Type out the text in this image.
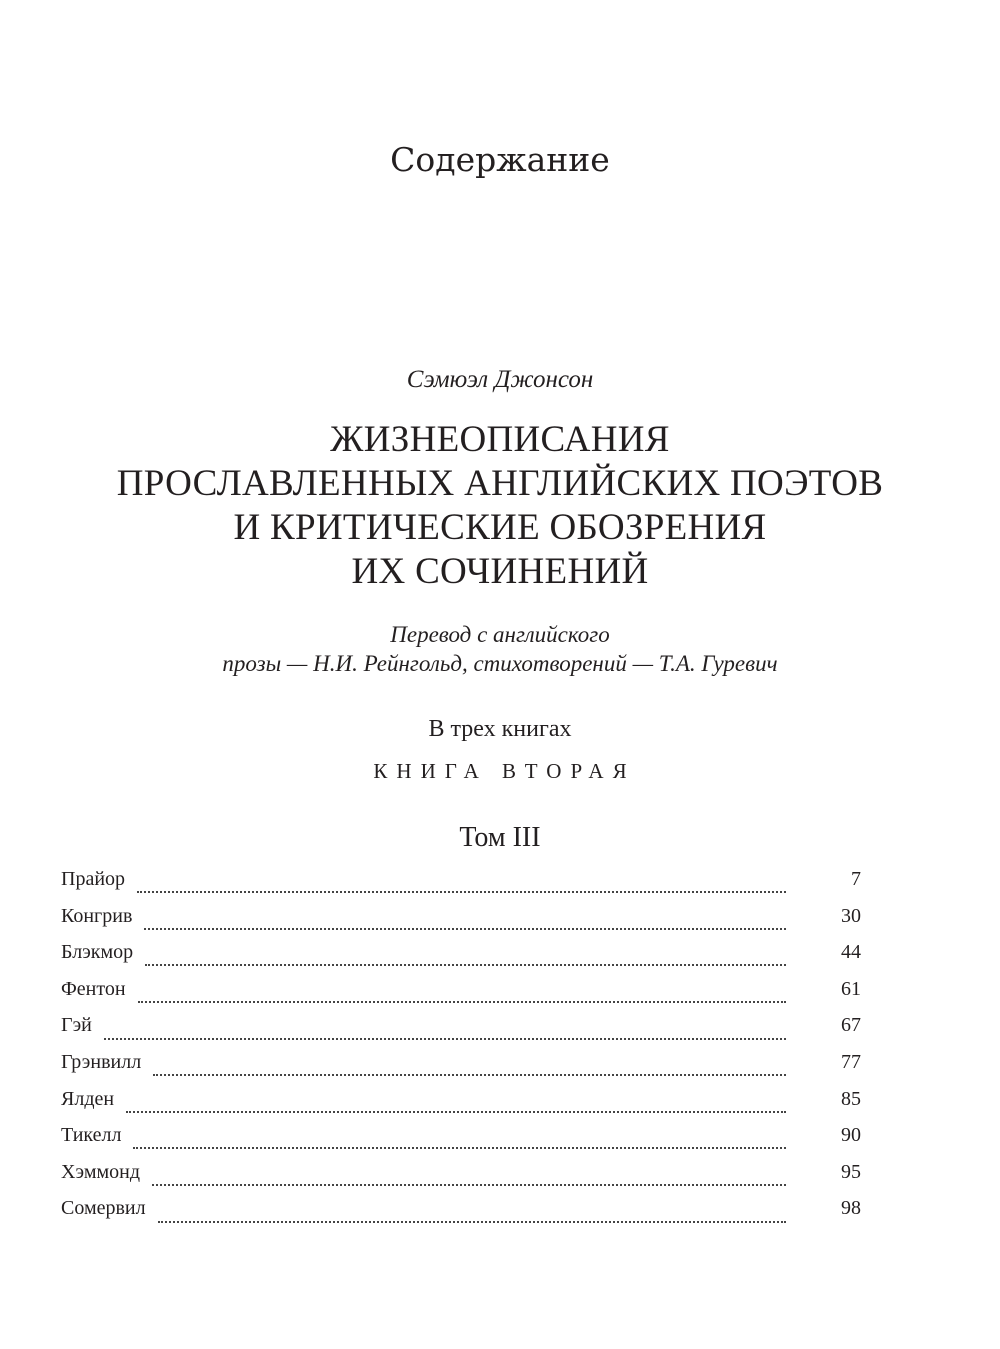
Содержание
Сэмюэл Джонсон
ЖИЗНЕОПИСАНИЯ
ПРОСЛАВЛЕННЫХ АНГЛИЙСКИХ ПОЭТОВ
И КРИТИЧЕСКИЕ ОБОЗРЕНИЯ
ИХ СОЧИНЕНИЙ
Перевод с английского
прозы — Н.И. Рейнгольд, стихотворений — Т.А. Гуревич
В трех книгах
КНИГА ВТОРАЯ
Том III
Прайор	7
Конгрив	30
Блэкмор	44
Фентон	61
Гэй	67
Грэнвилл	77
Ялден	85
Тикелл	90
Хэммонд	95
Сомервил	98
